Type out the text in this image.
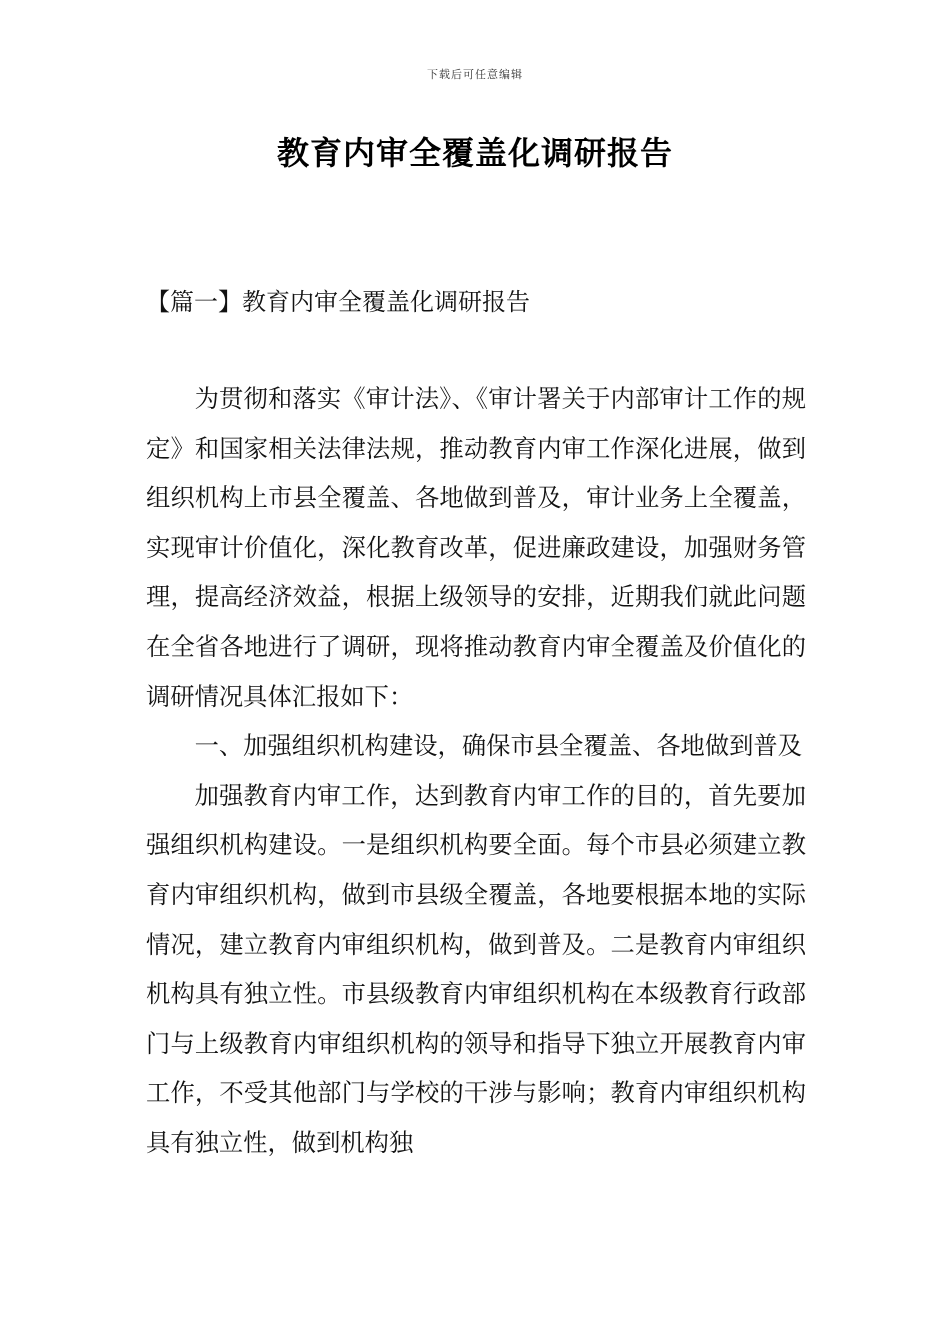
下载后可任意编辑
教育内审全覆盖化调研报告
【篇一】教育内审全覆盖化调研报告

为贯彻和落实《审计法》、《审计署关于内部审计工作的规定》和国家相关法律法规，推动教育内审工作深化进展，做到组织机构上市县全覆盖、各地做到普及，审计业务上全覆盖，实现审计价值化，深化教育改革，促进廉政建设，加强财务管理，提高经济效益，根据上级领导的安排，近期我们就此问题在全省各地进行了调研，现将推动教育内审全覆盖及价值化的调研情况具体汇报如下：

一、加强组织机构建设，确保市县全覆盖、各地做到普及

加强教育内审工作，达到教育内审工作的目的，首先要加强组织机构建设。一是组织机构要全面。每个市县必须建立教育内审组织机构，做到市县级全覆盖，各地要根据本地的实际情况，建立教育内审组织机构，做到普及。二是教育内审组织机构具有独立性。市县级教育内审组织机构在本级教育行政部门与上级教育内审组织机构的领导和指导下独立开展教育内审工作，不受其他部门与学校的干涉与影响；教育内审组织机构具有独立性，做到机构独
